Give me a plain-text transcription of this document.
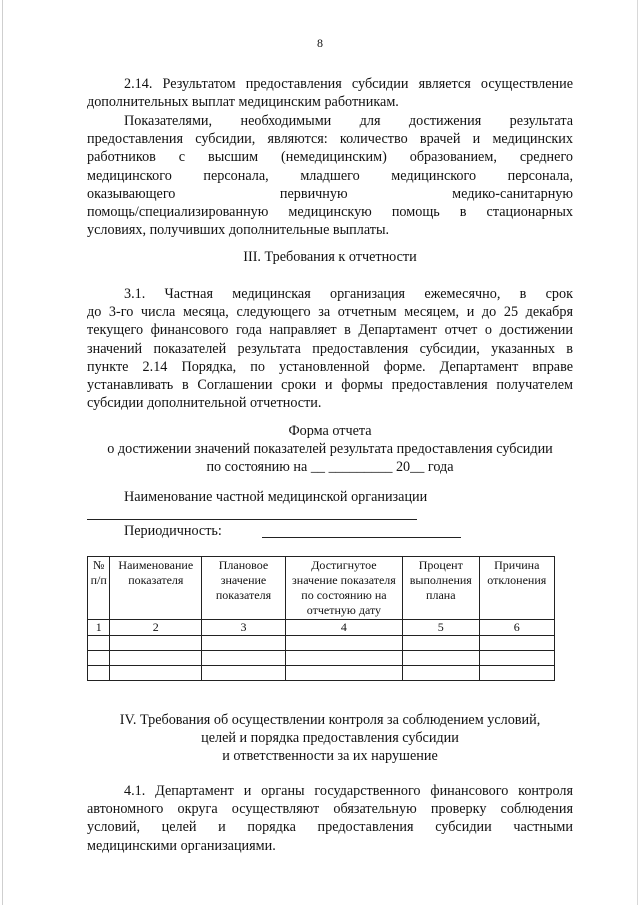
8
2.14. Результатом предоставления субсидии является осуществление
дополнительных выплат медицинским работникам.
Показателями, необходимыми для достижения результата
предоставления субсидии, являются: количество врачей и медицинских
работников с высшим (немедицинским) образованием, среднего
медицинского персонала, младшего медицинского персонала,
оказывающего первичную медико-санитарную
помощь/специализированную медицинскую помощь в стационарных
условиях, получивших дополнительные выплаты.
III. Требования к отчетности
3.1. Частная медицинская организация ежемесячно, в срок
до 3-го числа месяца, следующего за отчетным месяцем, и до 25 декабря
текущего финансового года направляет в Департамент отчет о достижении
значений показателей результата предоставления субсидии, указанных в
пункте 2.14 Порядка, по установленной форме. Департамент вправе
устанавливать в Соглашении сроки и формы предоставления получателем
субсидии дополнительной отчетности.
Форма отчета
о достижении значений показателей результата предоставления субсидии
по состоянию на __ _________ 20__ года
Наименование частной медицинской организации
Периодичность:
№ п/п	Наименование показателя	Плановое значение показателя	Достигнутое значение показателя по состоянию на отчетную дату	Процент выполнения плана	Причина отклонения
1	2	3	4	5	6

IV. Требования об осуществлении контроля за соблюдением условий,
целей и порядка предоставления субсидии
и ответственности за их нарушение
4.1. Департамент и органы государственного финансового контроля
автономного округа осуществляют обязательную проверку соблюдения
условий, целей и порядка предоставления субсидии частными
медицинскими организациями.
